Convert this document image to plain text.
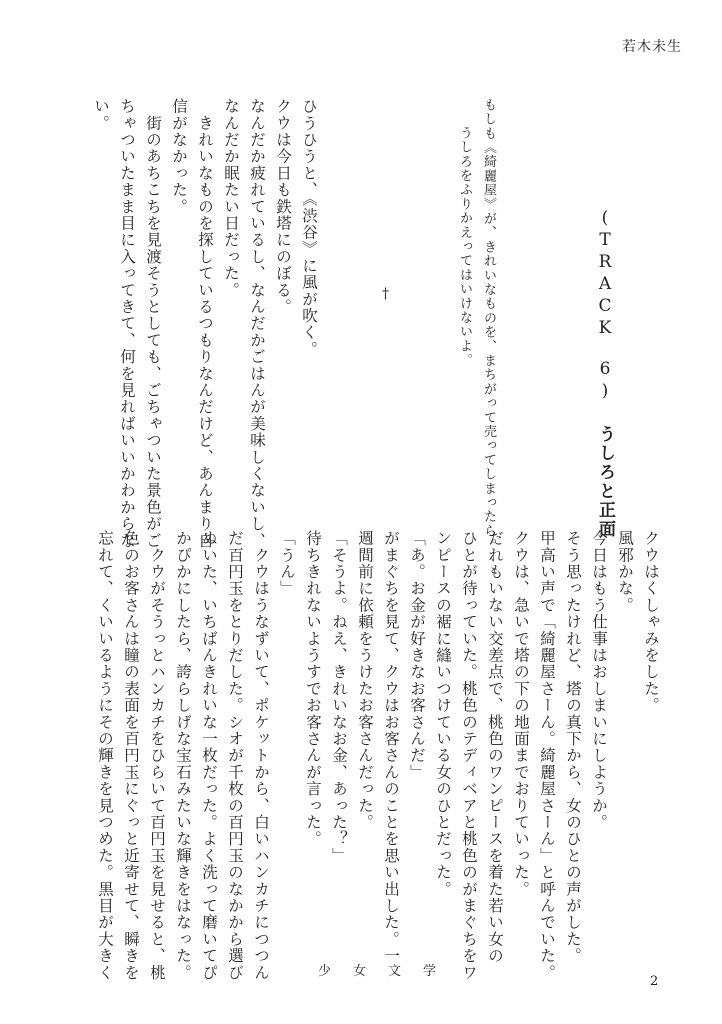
若木未生
(TRACK　6) うしろと正面
もしも《綺麗屋》が、きれいなものを、まちがって売ってしまったら。
うしろをふりかえってはいけないよ。
†
ひうひうと、《渋谷》に風が吹く。
クウは今日も鉄塔にのぼる。
なんだか疲れているし、なんだかごはんが美味しくないし、
なんだか眠たい日だった。
　きれいなものを探しているつもりなんだけど、あんまり自
信がなかった。
　街のあちこちを見渡そうとしても、ごちゃついた景色がご
ちゃついたまま目に入ってきて、何を見ればいいかわからな
い。
クウはくしゃみをした。
風邪かな。
今日はもう仕事はおしまいにしようか。
そう思ったけれど、塔の真下から、女のひとの声がした。
甲高い声で「綺麗屋さーん。綺麗屋さーん」と呼んでいた。
クウは、急いで塔の下の地面までおりていった。
だれもいない交差点で、桃色のワンピースを着た若い女の
ひとが待っていた。桃色のテディベアと桃色のがまぐちをワ
ンピースの裾に縫いつけている女のひとだった。
「あ。お金が好きなお客さんだ」
がまぐちを見て、クウはお客さんのことを思い出した。一
週間前に依頼をうけたお客さんだった。
「そうよ。ねえ、きれいなお金、あった？」
待ちきれないようすでお客さんが言った。
「うん」
　クウはうなずいて、ポケットから、白いハンカチにつつん
だ百円玉をとりだした。シオが千枚の百円玉のなかから選び
ぬいた、いちばんきれいな一枚だった。よく洗って磨いてぴ
かぴかにしたら、誇らしげな宝石みたいな輝きをはなった。
　クウがそうっとハンカチをひらいて百円玉を見せると、桃
色のお客さんは瞳の表面を百円玉にぐっと近寄せて、瞬きを
忘れて、くいいるようにその輝きを見つめた。黒目が大きく	少女文学
2
